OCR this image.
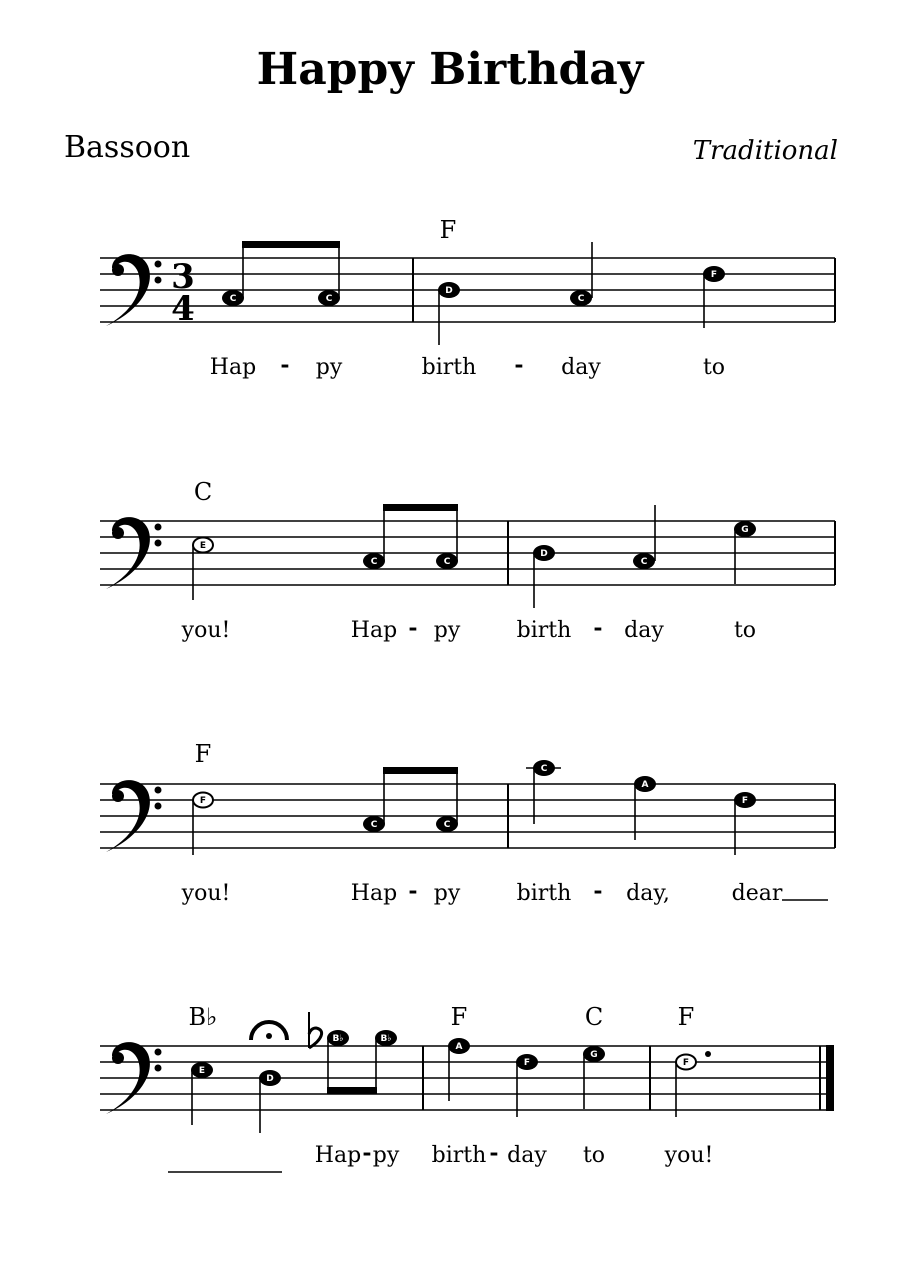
Happy Birthday
Bassoon	Traditional
3
4
F
C	C
D
C
F
Hap - py	birth - day	to
C
E
C	C
D
C
G
you!	Hap - py	birth - day	to
F
F
C	C
C
A
F
you!	Hap - py	birth - day,	dear
B♭	F	C	F
E
D
B♭	B♭
A
F
G
F
Hap - py birth - day to	you!
